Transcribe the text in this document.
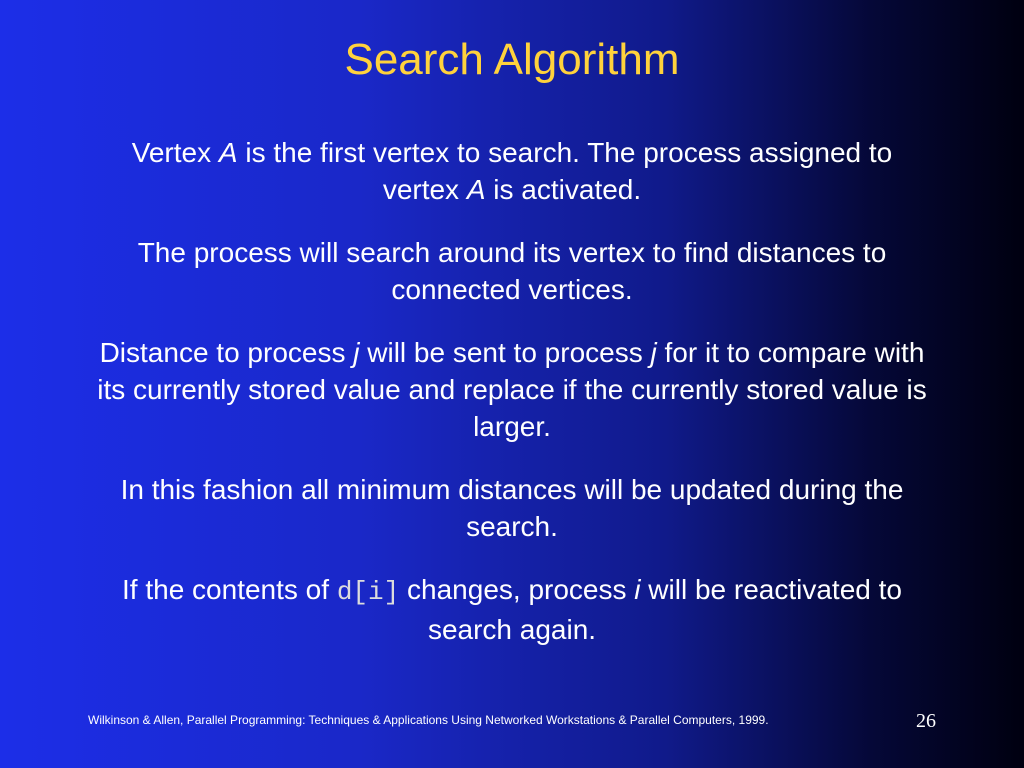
Search Algorithm

Vertex A is the first vertex to search. The process assigned to vertex A is activated.

The process will search around its vertex to find distances to connected vertices.

Distance to process j will be sent to process j for it to compare with its currently stored value and replace if the currently stored value is larger.

In this fashion all minimum distances will be updated during the search.

If the contents of d[i] changes, process i will be reactivated to search again.

Wilkinson & Allen, Parallel Programming: Techniques & Applications Using Networked Workstations & Parallel Computers, 1999.	26
